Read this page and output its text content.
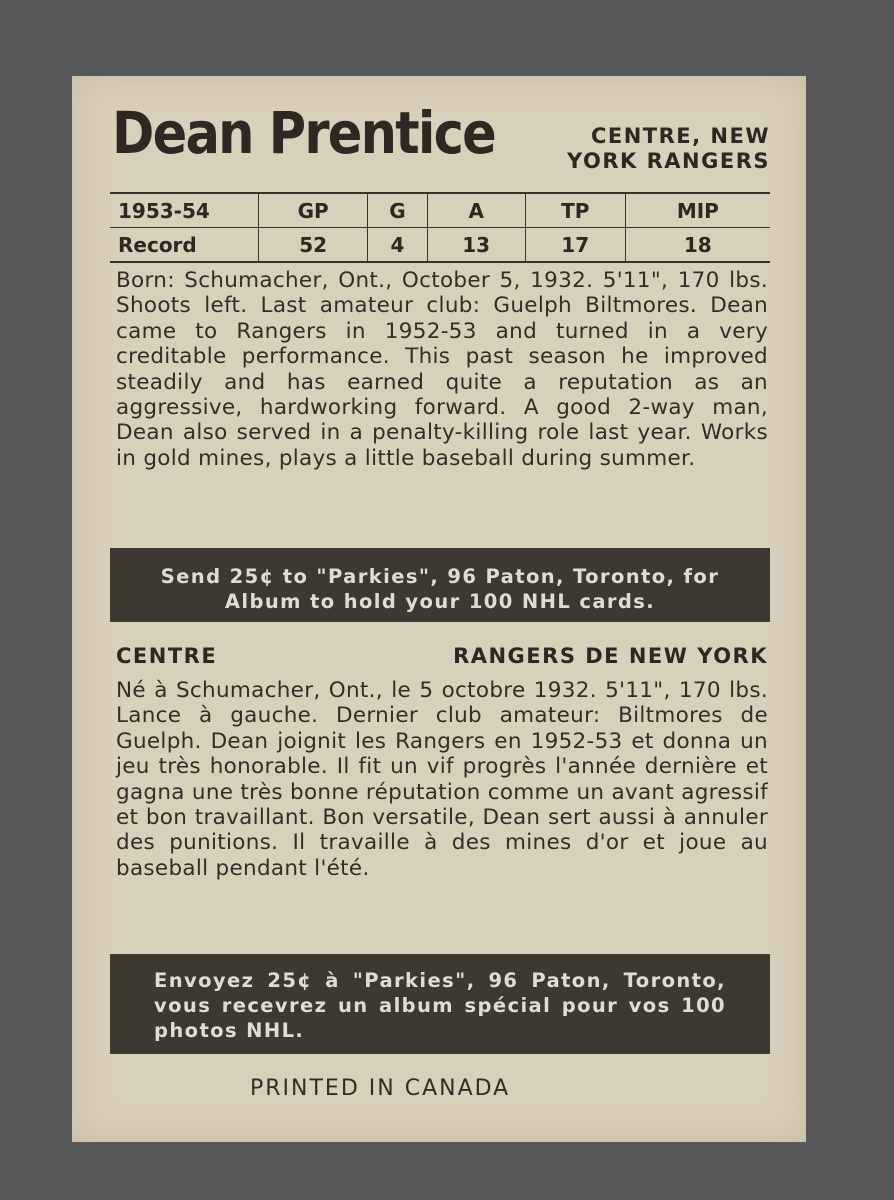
Dean Prentice	CENTRE, NEW
YORK RANGERS
1953-54	GP	G	A	TP	MIP
Record	52	4	13	17	18

Born: Schumacher, Ont., October 5, 1932. 5'11", 170 lbs. Shoots left. Last amateur club: Guelph Biltmores. Dean came to Rangers in 1952-53 and turned in a very creditable performance. This past season he improved steadily and has earned quite a reputation as an aggressive, hardworking forward. A good 2-way man, Dean also served in a penalty-killing role last year. Works in gold mines, plays a little baseball during summer.

Send 25¢ to "Parkies", 96 Paton, Toronto, for Album to hold your 100 NHL cards.
CENTRE	RANGERS DE NEW YORK

Né à Schumacher, Ont., le 5 octobre 1932. 5'11", 170 lbs. Lance à gauche. Dernier club amateur: Biltmores de Guelph. Dean joignit les Rangers en 1952-53 et donna un jeu très honorable. Il fit un vif progrès l'année dernière et gagna une très bonne réputation comme un avant agressif et bon travaillant. Bon versatile, Dean sert aussi à annuler des punitions. Il travaille à des mines d'or et joue au baseball pendant l'été.

Envoyez 25¢ à "Parkies", 96 Paton, Toronto, vous recevrez un album spécial pour vos 100 photos NHL.
PRINTED IN CANADA
